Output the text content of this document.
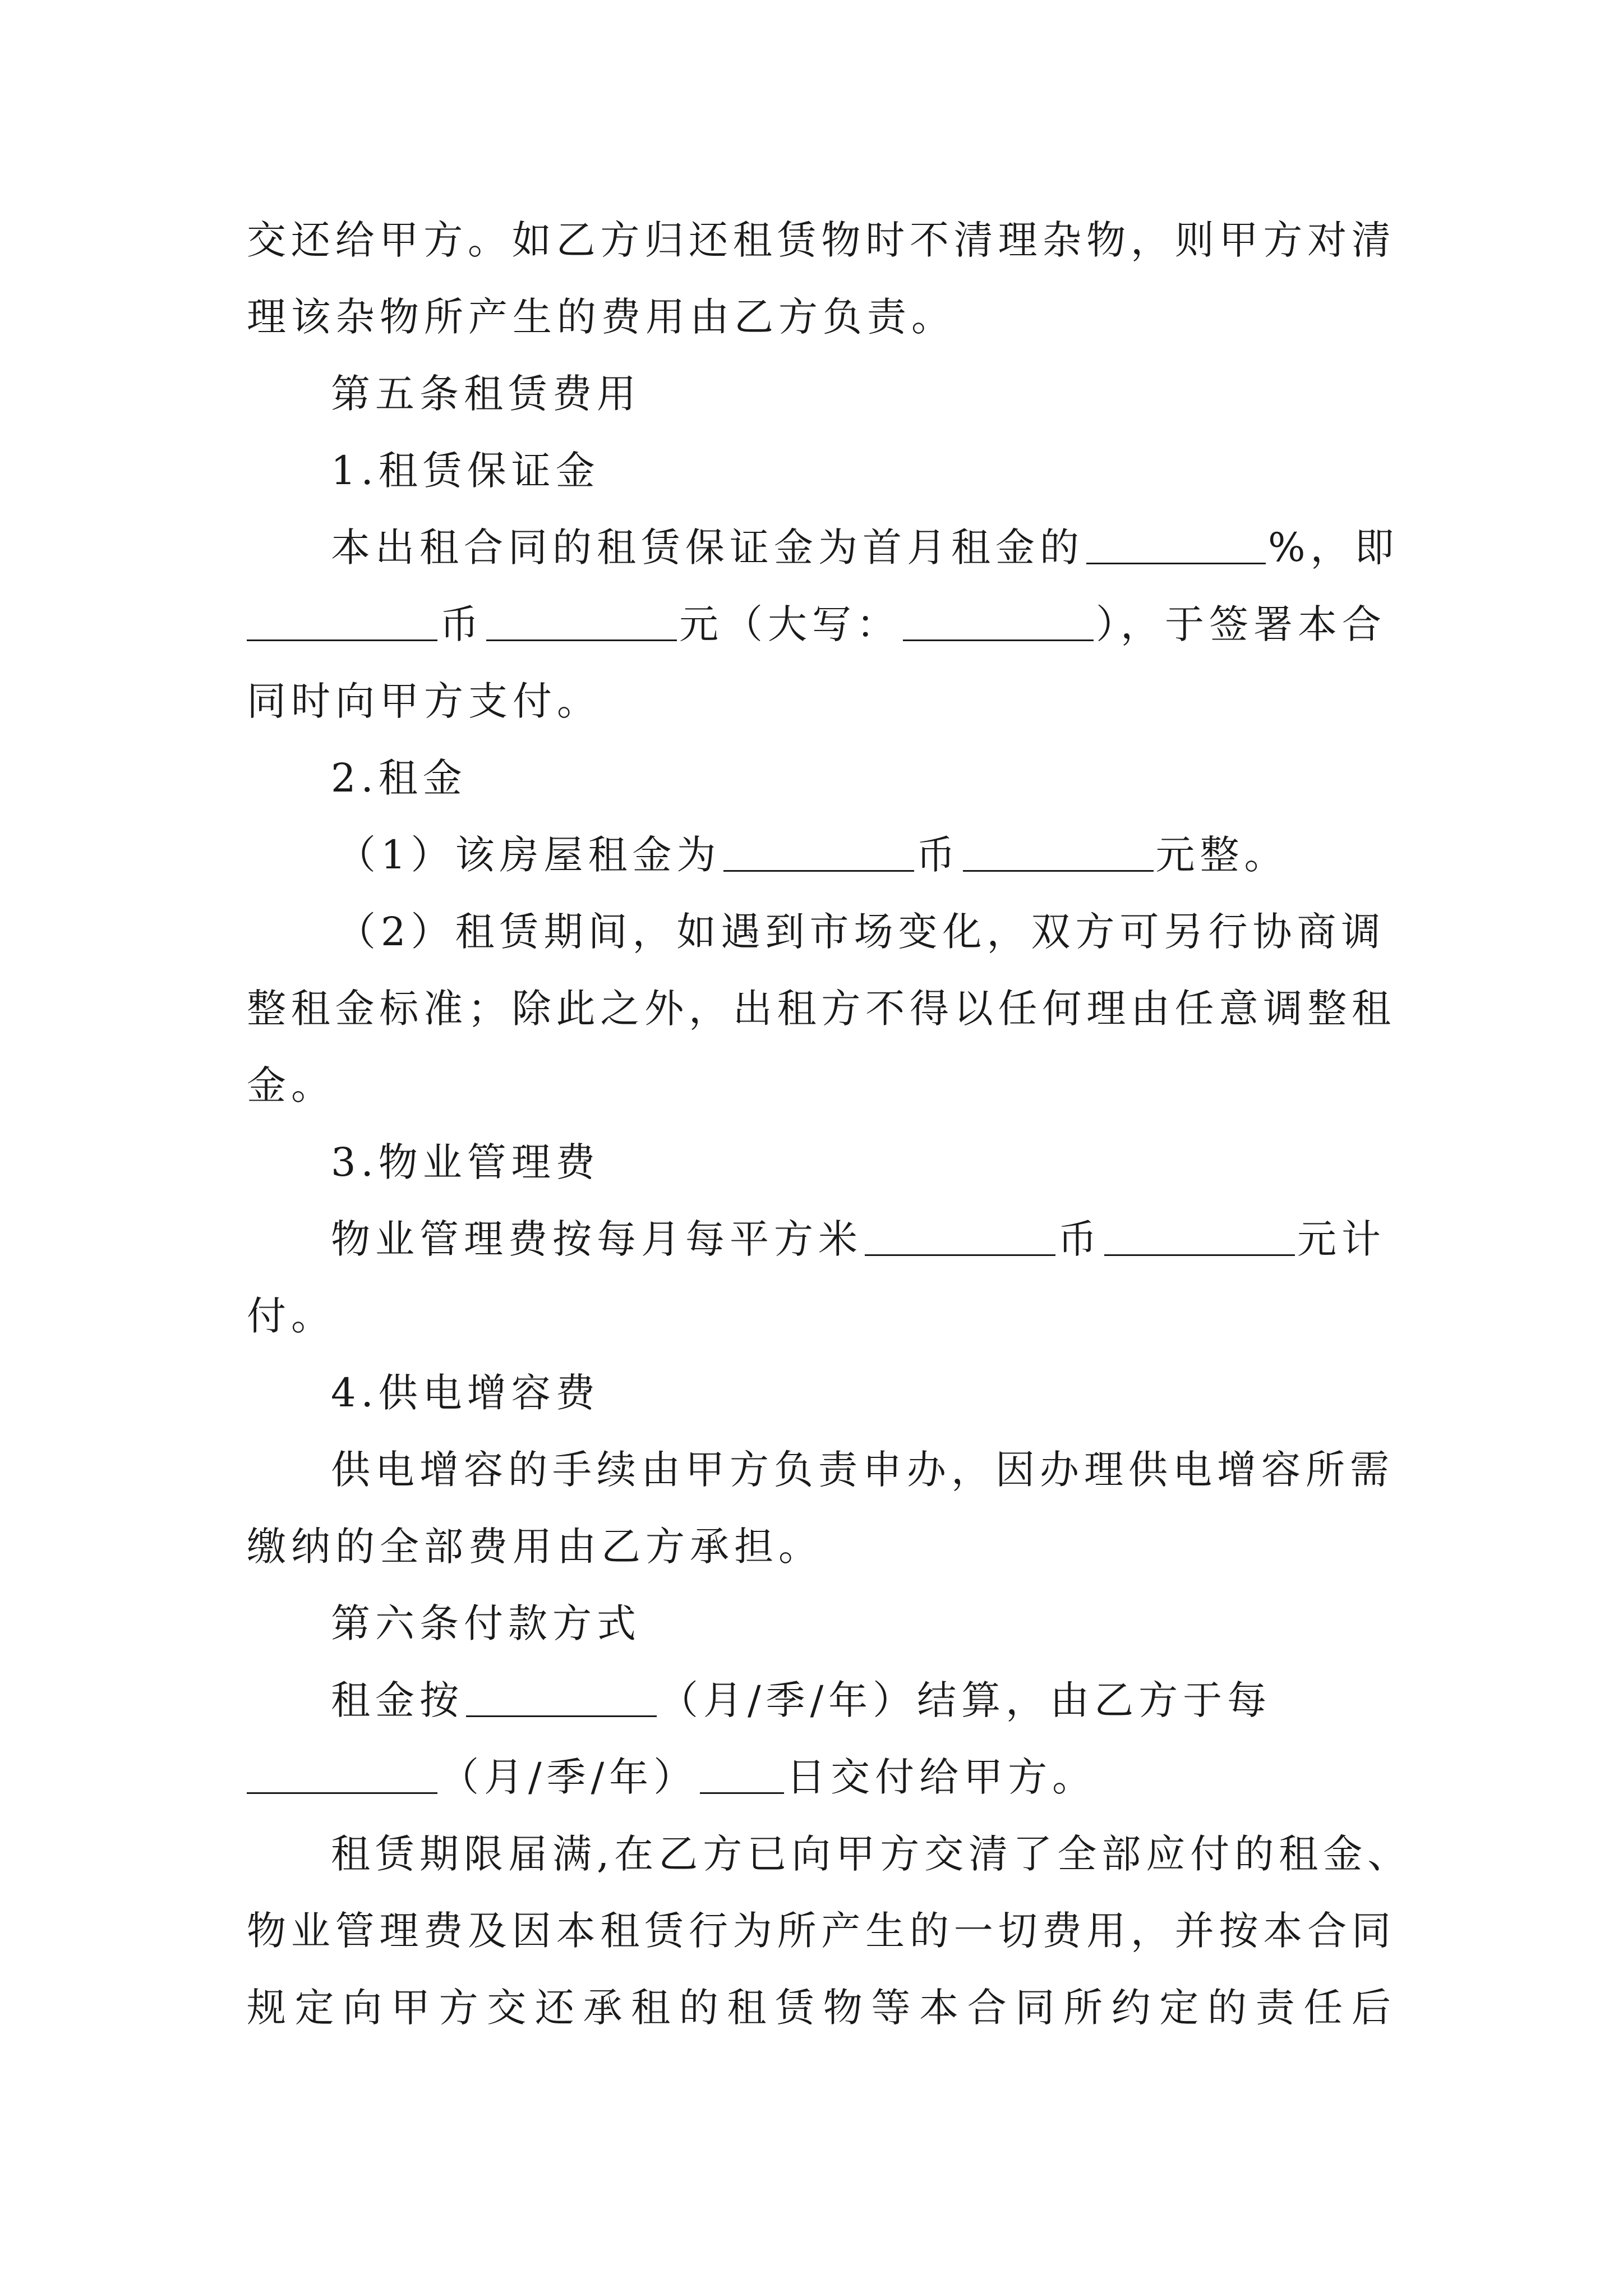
交还给甲方。如乙方归还租赁物时不清理杂物，则甲方对清
理该杂物所产生的费用由乙方负责。
第五条租赁费用
1.租赁保证金
本出租合同的租赁保证金为首月租金的	%，即
币	元（大写：	），于签署本合
同时向甲方支付。
2.租金
（1）该房屋租金为	币	元整。
（2）租赁期间，如遇到市场变化，双方可另行协商调
整租金标准；除此之外，出租方不得以任何理由任意调整租
金。
3.物业管理费
物业管理费按每月每平方米	币	元计
付。
4.供电增容费
供电增容的手续由甲方负责申办，因办理供电增容所需
缴纳的全部费用由乙方承担。
第六条付款方式
租金按	（月/季/年）结算，由乙方于每
（月/季/年） 日交付给甲方。
租赁期限届满,在乙方已向甲方交清了全部应付的租金、
物业管理费及因本租赁行为所产生的一切费用，并按本合同
规定向甲方交还承租的租赁物等本合同所约定的责任后
